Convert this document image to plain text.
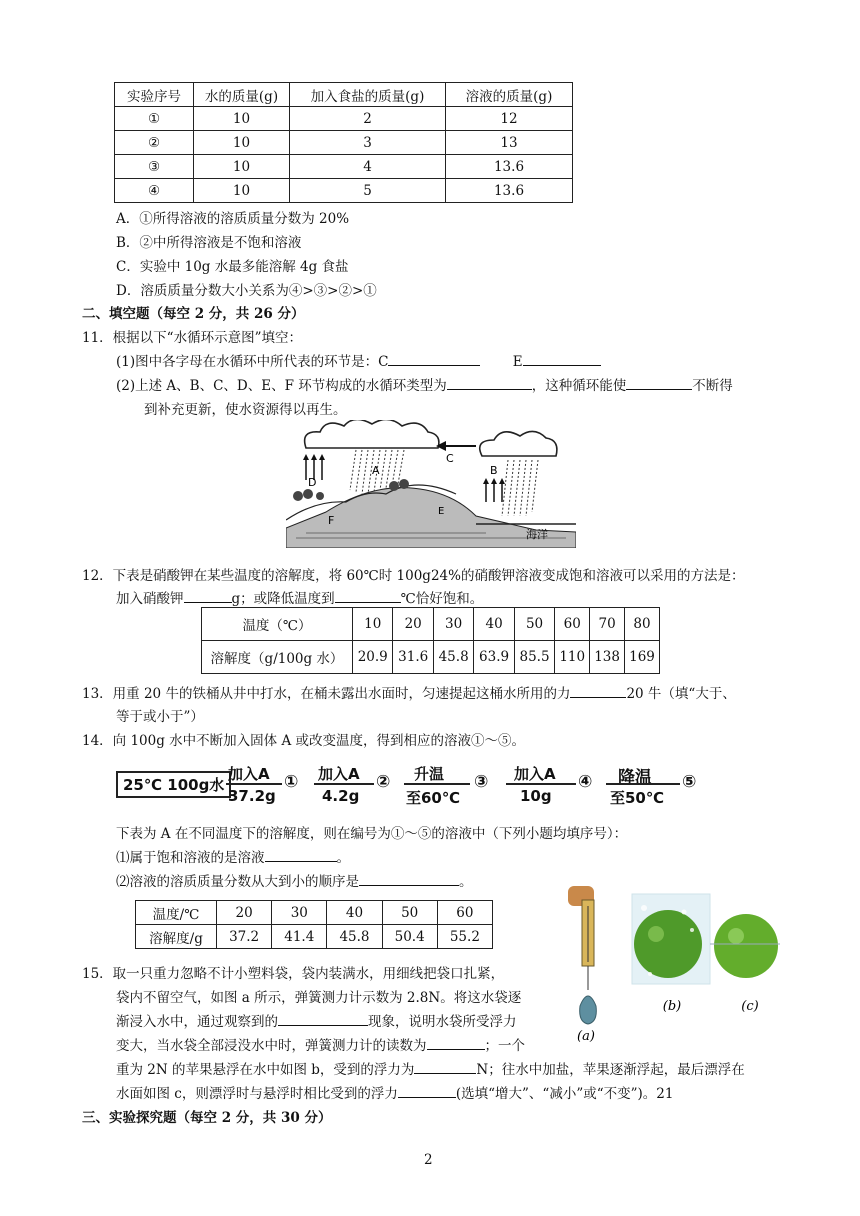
实验序号	水的质量(g)	加入食盐的质量(g)	溶液的质量(g)
①	10	2	12
②	10	3	13
③	10	4	13.6
④	10	5	13.6
A．①所得溶液的溶质质量分数为 20%
B．②中所得溶液是不饱和溶液
C．实验中 10g 水最多能溶解 4g 食盐
D．溶质质量分数大小关系为④>③>②>①
二、填空题（每空 2 分，共 26 分）
11．根据以下“水循环示意图”填空：
(1)图中各字母在水循环中所代表的环节是：C	E
(2)上述 A、B、C、D、E、F 环节构成的水循环类型为	，这种循环能使	不断得
到补充更新，使水资源得以再生。
C
D
B
A
E
F
海洋
12．下表是硝酸钾在某些温度的溶解度，将 60℃时 100g24%的硝酸钾溶液变成饱和溶液可以采用的方法是：
加入硝酸钾	g；或降低温度到	℃恰好饱和。
温度（℃）	10	20	30	40	50	60	70	80
溶解度（g/100g 水）	20.9	31.6	45.8	63.9	85.5	110	138	169
13．用重 20 牛的铁桶从井中打水，在桶未露出水面时，匀速提起这桶水所用的力	20 牛（填“大于、
等于或小于”）
14．向 100g 水中不断加入固体 A 或改变温度，得到相应的溶液①～⑤。
25℃ 100g水
加入A
37.2g
① 加入A
4.2g
② 升温
至60℃
③ 加入A
10g
④ 降温
至50℃
⑤
下表为 A 在不同温度下的溶解度，则在编号为①～⑤的溶液中（下列小题均填序号）：
⑴属于饱和溶液的是溶液	。
⑵溶液的溶质质量分数从大到小的顺序是	。
温度/℃	20	30	40	50	60
溶解度/g	37.2	41.4	45.8	50.4	55.2
(a)
(b)	(c)
15．取一只重力忽略不计小塑料袋，袋内装满水，用细线把袋口扎紧，
袋内不留空气，如图 a 所示，弹簧测力计示数为 2.8N。将这水袋逐
渐浸入水中，通过观察到的	现象，说明水袋所受浮力
变大，当水袋全部浸没水中时，弹簧测力计的读数为	；一个
重为 2N 的苹果悬浮在水中如图 b，受到的浮力为	N；往水中加盐，苹果逐渐浮起，最后漂浮在
水面如图 c，则漂浮时与悬浮时相比受到的浮力	(选填“增大”、“减小”或“不变”)。21
三、实验探究题（每空 2 分，共 30 分）
2
